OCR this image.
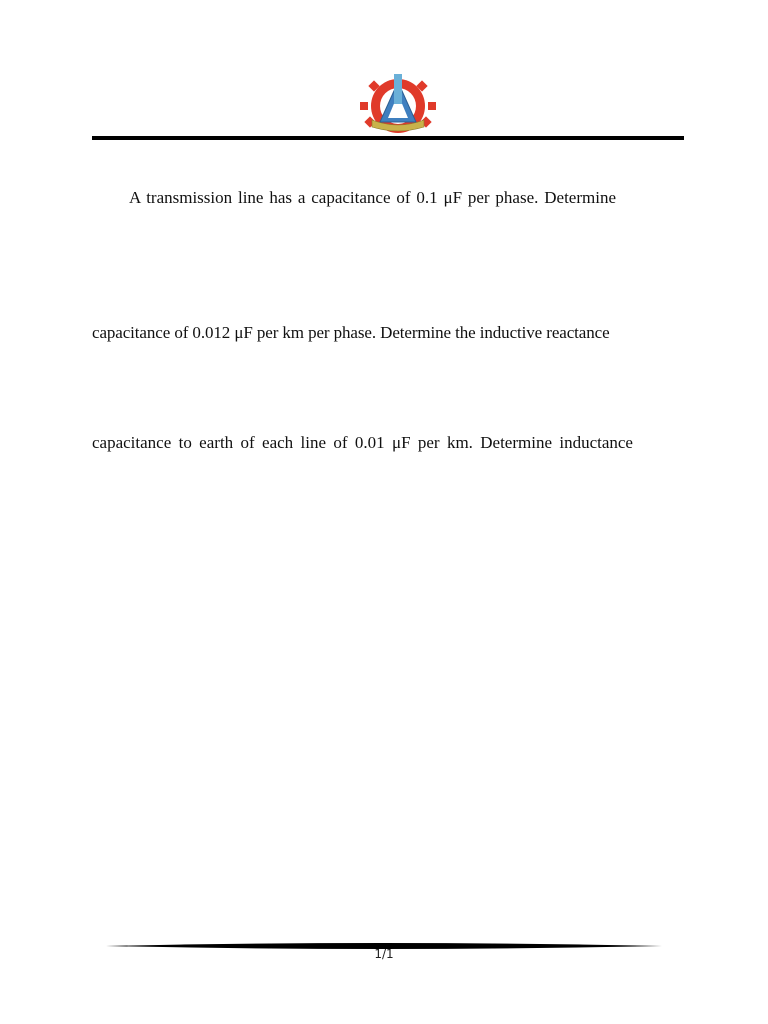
A transmission line has a capacitance of 0.1 μF per phase. Determine

capacitance of 0.012 μF per km per phase. Determine the inductive reactance

capacitance to earth of each line of 0.01 μF per km. Determine inductance

1/1
